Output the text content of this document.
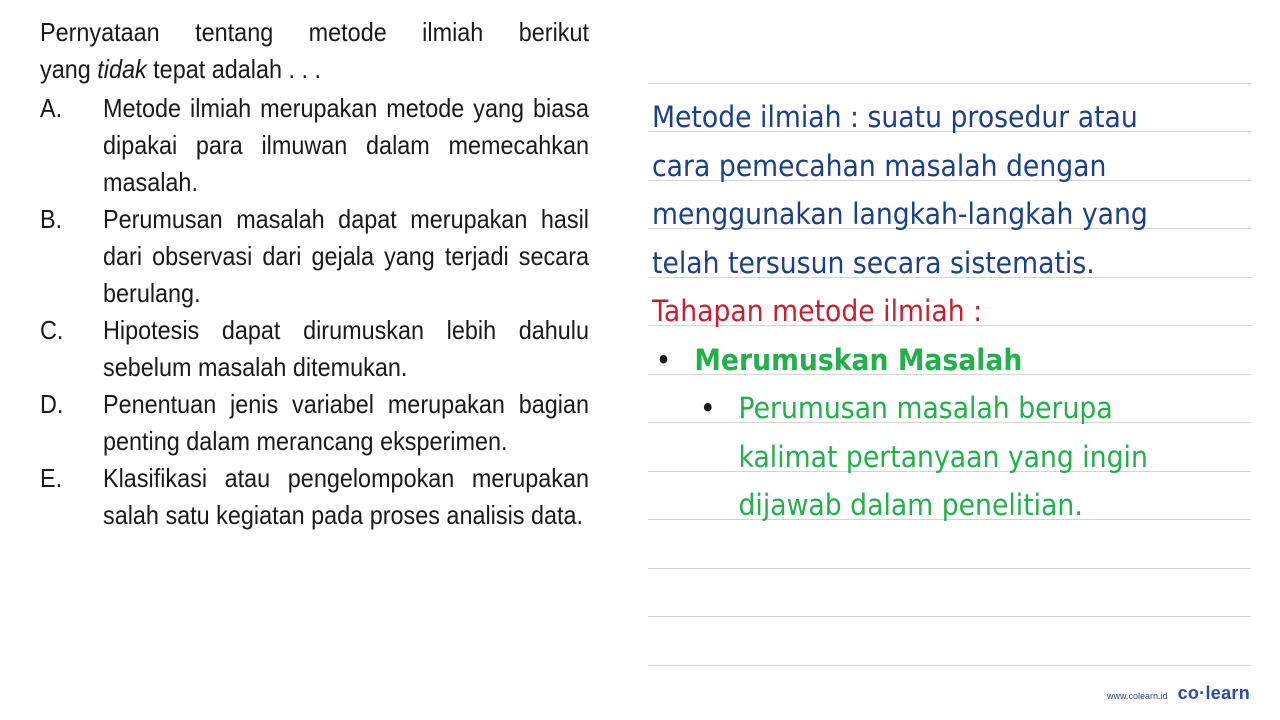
Pernyataan tentang metode ilmiah berikut
yang tidak tepat adalah . . .
A.	Metode ilmiah merupakan metode yang biasa dipakai para ilmuwan dalam memecahkan masalah.
B.	Perumusan masalah dapat merupakan hasil dari observasi dari gejala yang terjadi secara berulang.
C.	Hipotesis dapat dirumuskan lebih dahulu sebelum masalah ditemukan.
D.	Penentuan jenis variabel merupakan bagian penting dalam merancang eksperimen.
E.	Klasifikasi atau pengelompokan merupakan salah satu kegiatan pada proses analisis data.

Metode ilmiah : suatu prosedur atau

cara pemecahan masalah dengan

menggunakan langkah-langkah yang

telah tersusun secara sistematis.

Tahapan metode ilmiah :

• Merumuskan Masalah

• Perumusan masalah berupa

kalimat pertanyaan yang ingin

dijawab dalam penelitian.

www.colearn.id co·learn
